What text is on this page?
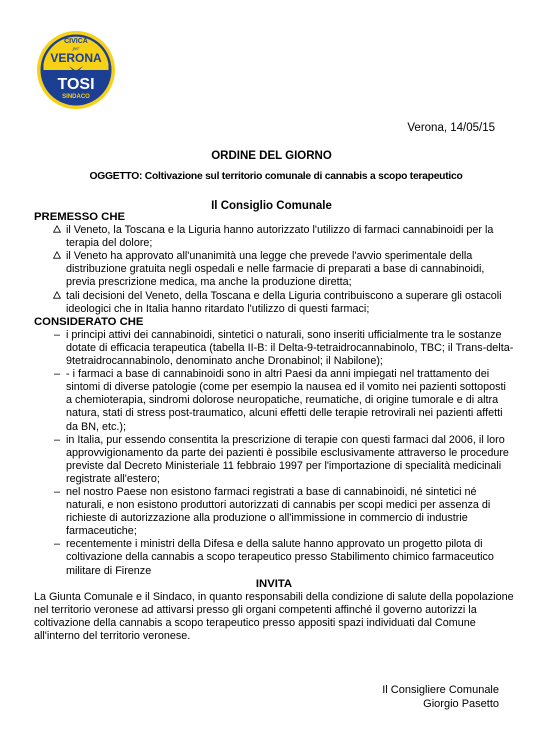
CIVICA
per
VERONA
TOSI
SINDACO
Verona, 14/05/15
ORDINE DEL GIORNO
OGGETTO: Coltivazione sul territorio comunale di cannabis a scopo terapeutico
Il Consiglio Comunale
PREMESSO CHE
il Veneto, la Toscana e la Liguria hanno autorizzato l'utilizzo di farmaci cannabinoidi per la terapia del dolore;
il Veneto ha approvato all'unanimità una legge che prevede l'avvio sperimentale della distribuzione gratuita negli ospedali e nelle farmacie di preparati a base di cannabinoidi, previa prescrizione medica, ma anche la produzione diretta;
tali decisioni del Veneto, della Toscana e della Liguria contribuiscono a superare gli ostacoli ideologici che in Italia hanno ritardato l'utilizzo di questi farmaci;
CONSIDERATO CHE
– i principi attivi dei cannabinoidi, sintetici o naturali, sono inseriti ufficialmente tra le sostanze dotate di efficacia terapeutica (tabella II-B: il Delta-9-tetraidrocannabinolo, TBC; il Trans-delta-9tetraidrocannabinolo, denominato anche Dronabinol; il Nabilone);
– - i farmaci a base di cannabinoidi sono in altri Paesi da anni impiegati nel trattamento dei sintomi di diverse patologie (come per esempio la nausea ed il vomito nei pazienti sottoposti a chemioterapia, sindromi dolorose neuropatiche, reumatiche, di origine tumorale e di altra natura, stati di stress post-traumatico, alcuni effetti delle terapie retrovirali nei pazienti affetti da BN, etc.);
– in Italia, pur essendo consentita la prescrizione di terapie con questi farmaci dal 2006, il loro approvvigionamento da parte dei pazienti è possibile esclusivamente attraverso le procedure previste dal Decreto Ministeriale 11 febbraio 1997 per l'importazione di specialità medicinali registrate all'estero;
– nel nostro Paese non esistono farmaci registrati a base di cannabinoidi, né sintetici né naturali, e non esistono produttori autorizzati di cannabis per scopi medici per assenza di richieste di autorizzazione alla produzione o all'immissione in commercio di industrie farmaceutiche;
– recentemente i ministri della Difesa e della salute hanno approvato un progetto pilota di coltivazione della cannabis a scopo terapeutico presso Stabilimento chimico farmaceutico militare di Firenze
INVITA

La Giunta Comunale e il Sindaco, in quanto responsabili della condizione di salute della popolazione nel territorio veronese ad attivarsi presso gli organi competenti affinché il governo autorizzi la coltivazione della cannabis a scopo terapeutico presso appositi spazi individuati dal Comune all'interno del territorio veronese.

Il Consigliere Comunale
Giorgio Pasetto
